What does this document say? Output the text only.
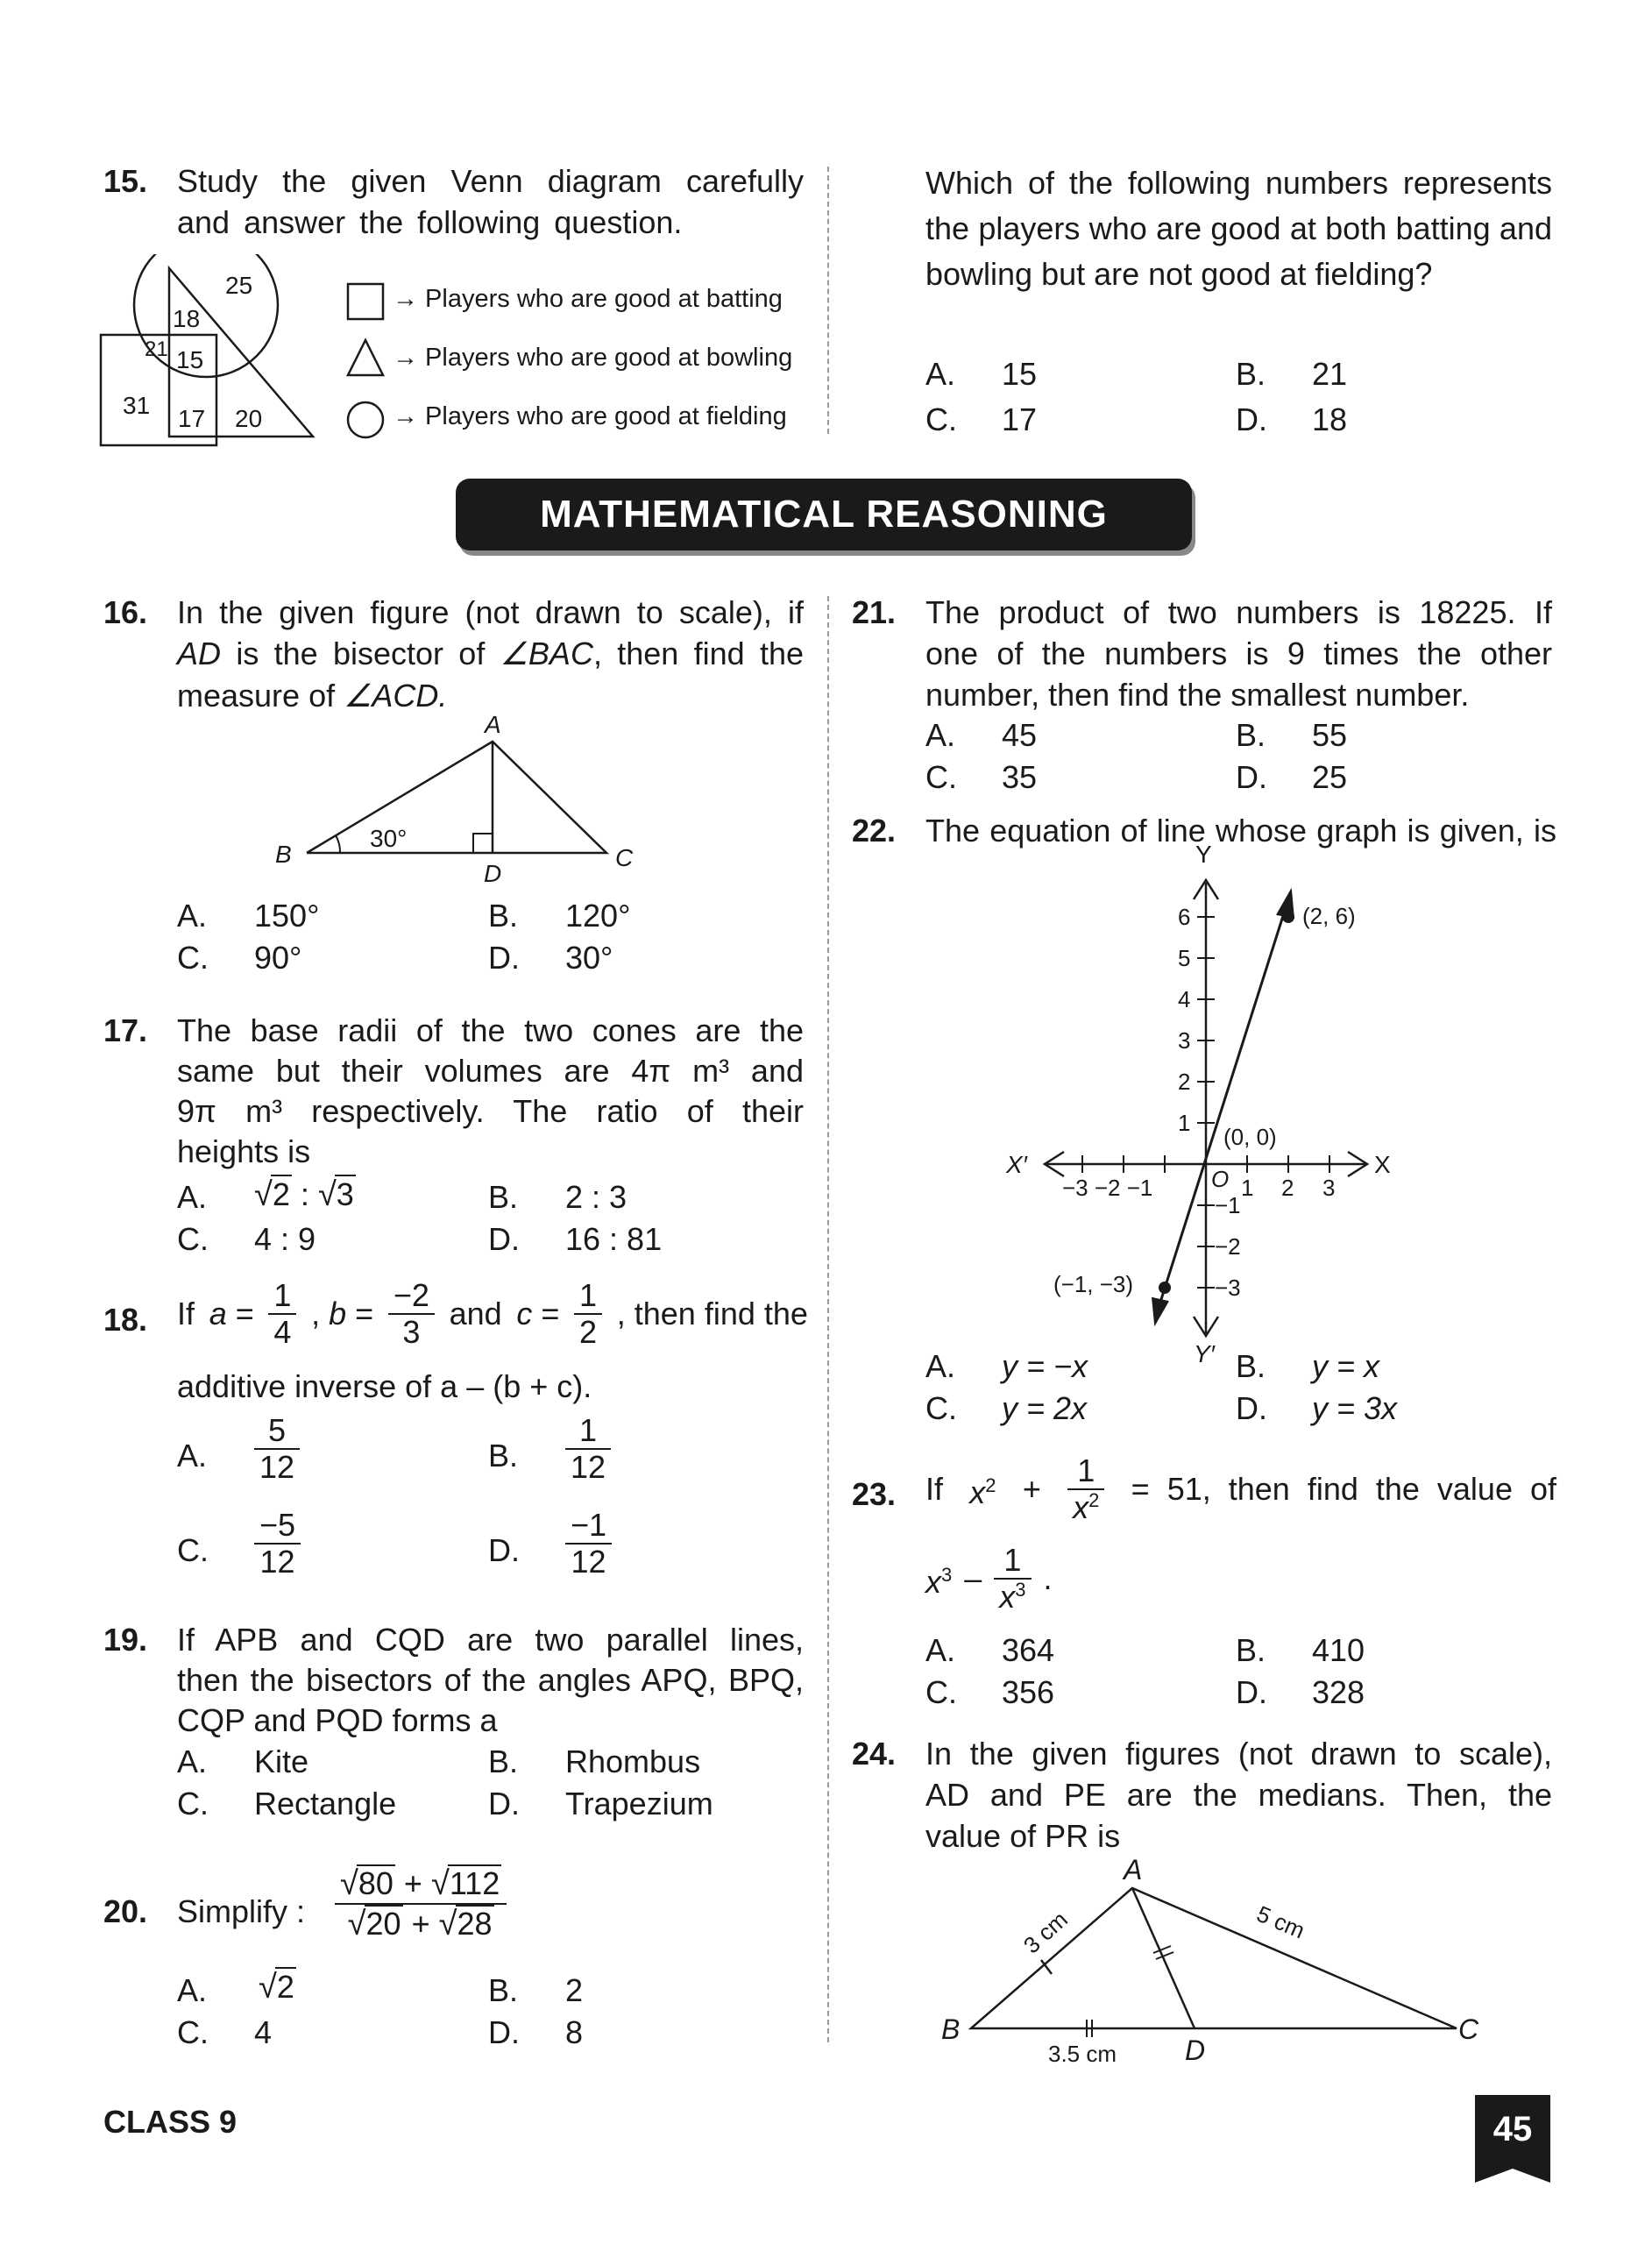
15. Study the given Venn diagram carefully and answer the following question.
25
18
21 15
31 17 20
→ Players who are good at batting
→ Players who are good at bowling
→ Players who are good at fielding
Which of the following numbers represents the players who are good at both batting and bowling but are not good at fielding?
A. 15	B. 21
C. 17	D. 18
MATHEMATICAL REASONING
16. In the given figure (not drawn to scale), if
AD is the bisector of ∠BAC, then find the
measure of ∠ACD.
A
B	C
D
30°
A. 150°	B. 120°
C. 90°	D. 30°
17. The base radii of the two cones are the
same but their volumes are 4π m³ and
9π m³ respectively. The ratio of their
heights is
A. √2 : √3	B. 2 : 3
C. 4 : 9	D. 16 : 81
18. If $a = \frac{1}{4}$ , $b = \frac{-2}{3}$ and $c = \frac{1}{2}$ , then find the
additive inverse of a – (b + c).
A. $\frac{5}{12}$	B. $\frac{1}{12}$
C. $\frac{-5}{12}$	D. $\frac{-1}{12}$
19. If APB and CQD are two parallel lines,
then the bisectors of the angles APQ, BPQ,
CQP and PQD forms a
A. Kite	B. Rhombus
C. Rectangle	D. Trapezium
20. Simplify : $\frac{√80 + √112}{√20 + √28}$
A. √2	B. 2
C. 4	D. 8
21. The product of two numbers is 18225. If
one of the numbers is 9 times the other
number, then find the smallest number.
A. 45	B. 55
C. 35	D. 25
22. The equation of line whose graph is given, is
Y
Y′
X
X′
O
(0, 0)
(2, 6)
(−1, −3)
6
5
4
3
2
1
−1
−2
−3
−3 −2 −1	1 2 3
A. y = −x	B. y = x
C. y = 2x	D. y = 3x
23. If $x^2 + \frac{1}{x^2} = 51$, then find the value of
$x^3 - \frac{1}{x^3}$ .
A. 364	B. 410
C. 356	D. 328
24. In the given figures (not drawn to scale),
AD and PE are the medians. Then, the
value of PR is
A
B	C
D
3 cm	5 cm
3.5 cm
CLASS 9	45
